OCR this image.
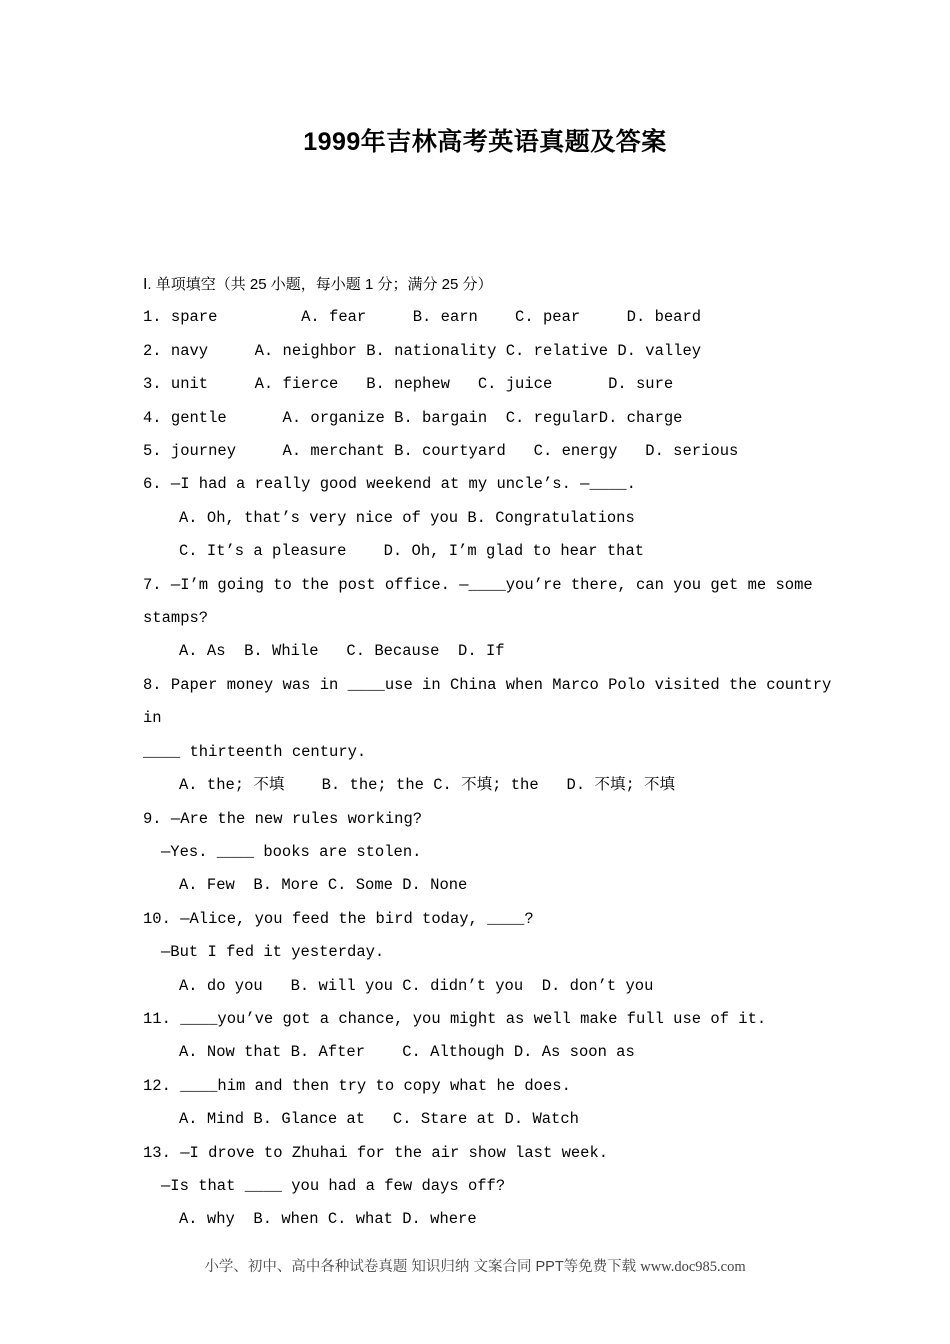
1999年吉林高考英语真题及答案
Ⅰ. 单项填空（共 25 小题，每小题 1 分；满分 25 分）
1. spare         A. fear     B. earn    C. pear     D. beard
2. navy     A. neighbor B. nationality C. relative D. valley
3. unit     A. fierce   B. nephew   C. juice      D. sure
4. gentle      A. organize B. bargain  C. regularD. charge
5. journey     A. merchant B. courtyard   C. energy   D. serious
6. —I had a really good weekend at my uncle’s. —____.
A. Oh, that’s very nice of you B. Congratulations
C. It’s a pleasure    D. Oh, I’m glad to hear that
7. —I’m going to the post office. —____you’re there, can you get me some
stamps?
A. As  B. While   C. Because  D. If
8. Paper money was in ____use in China when Marco Polo visited the country in
____ thirteenth century.
A. the; 不填    B. the; the C. 不填; the   D. 不填; 不填
9. —Are the new rules working?
—Yes. ____ books are stolen.
A. Few  B. More C. Some D. None
10. —Alice, you feed the bird today, ____?
—But I fed it yesterday.
A. do you   B. will you C. didn’t you  D. don’t you
11. ____you’ve got a chance, you might as well make full use of it.
A. Now that B. After    C. Although D. As soon as
12. ____him and then try to copy what he does.
A. Mind B. Glance at   C. Stare at D. Watch
13. —I drove to Zhuhai for the air show last week.
—Is that ____ you had a few days off?
A. why  B. when C. what D. where
小学、初中、高中各种试卷真题 知识归纳 文案合同 PPT等免费下载 www.doc985.com
